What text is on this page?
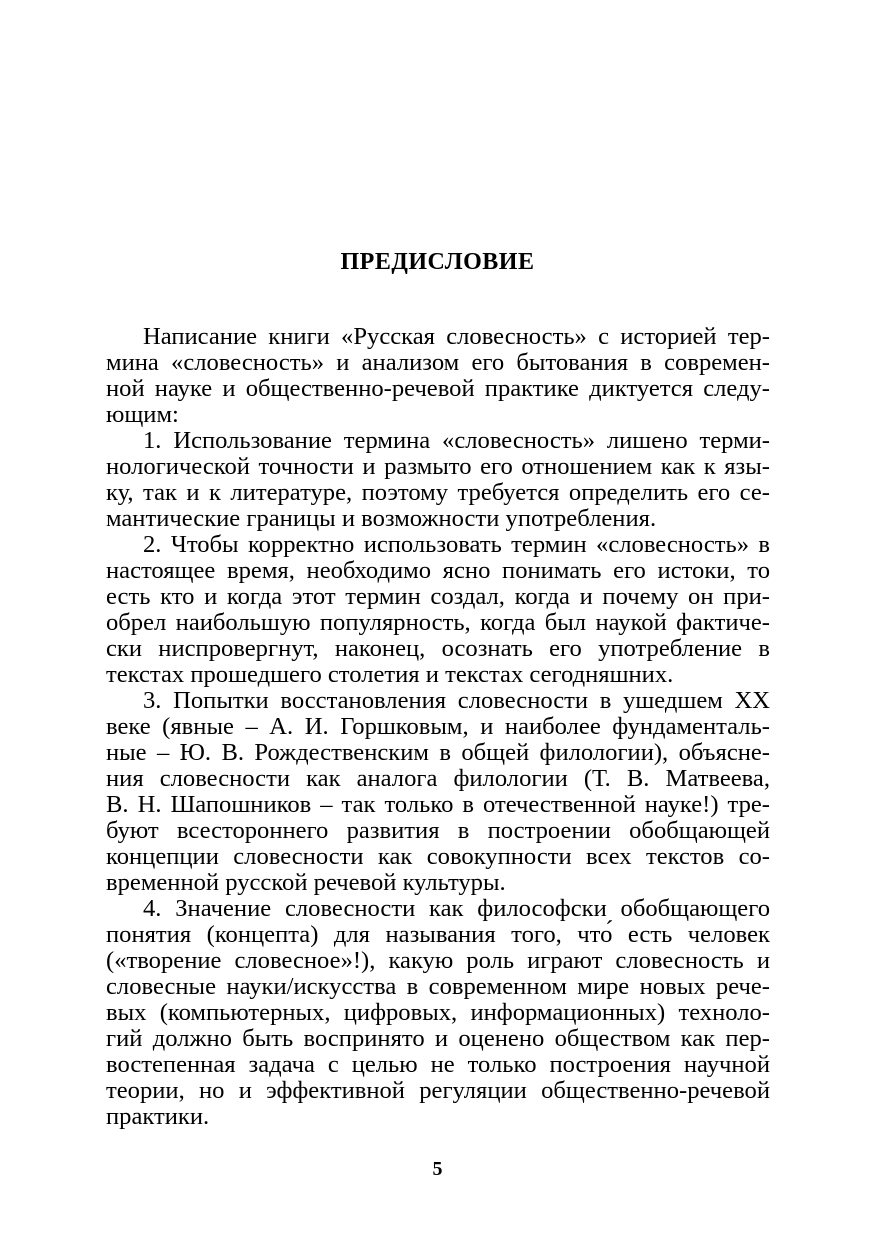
ПРЕДИСЛОВИЕ
Написание книги «Русская словесность» с историей тер-
мина «словесность» и анализом его бытования в современ-
ной науке и общественно-речевой практике диктуется следу-
ющим:
1. Использование термина «словесность» лишено терми-
нологической точности и размыто его отношением как к язы-
ку, так и к литературе, поэтому требуется определить его се-
мантические границы и возможности употребления.
2. Чтобы корректно использовать термин «словесность» в
настоящее время, необходимо ясно понимать его истоки, то
есть кто и когда этот термин создал, когда и почему он при-
обрел наибольшую популярность, когда был наукой фактиче-
ски ниспровергнут, наконец, осознать его употребление в
текстах прошедшего столетия и текстах сегодняшних.
3. Попытки восстановления словесности в ушедшем XX
веке (явные – А. И. Горшковым, и наиболее фундаменталь-
ные – Ю. В. Рождественским в общей филологии), объясне-
ния словесности как аналога филологии (Т. В. Матвеева,
В. Н. Шапошников – так только в отечественной науке!) тре-
буют всестороннего развития в построении обобщающей
концепции словесности как совокупности всех текстов со-
временной русской речевой культуры.
4. Значение словесности как философски обобщающего
понятия (концепта) для называния того, что́ есть человек
(«творение словесное»!), какую роль играют словесность и
словесные науки/искусства в современном мире новых рече-
вых (компьютерных, цифровых, информационных) техноло-
гий должно быть воспринято и оценено обществом как пер-
востепенная задача с целью не только построения научной
теории, но и эффективной регуляции общественно-речевой
практики.

5
